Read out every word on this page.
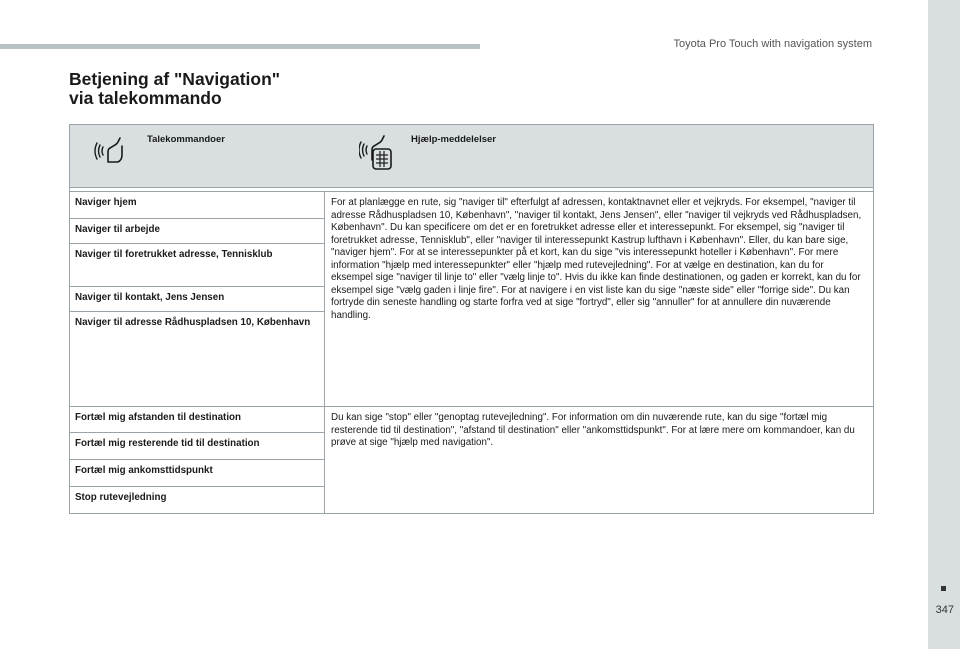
Toyota Pro Touch with navigation system
347
Betjening af "Navigation"
via talekommando
Talekommandoer	Hjælp-meddelelser
Naviger hjem
Naviger til arbejde
Naviger til foretrukket adresse, Tennisklub
Naviger til kontakt, Jens Jensen
Naviger til adresse Rådhuspladsen 10, København
For at planlægge en rute, sig "naviger til" efterfulgt af adressen, kontaktnavnet eller et vejkryds. For eksempel, "naviger til adresse Rådhuspladsen 10, København", "naviger til kontakt, Jens Jensen", eller "naviger til vejkryds ved Rådhuspladsen, København". Du kan specificere om det er en foretrukket adresse eller et interessepunkt. For eksempel, sig "naviger til foretrukket adresse, Tennisklub", eller "naviger til interessepunkt Kastrup lufthavn i København". Eller, du kan bare sige, "naviger hjem". For at se interessepunkter på et kort, kan du sige "vis interessepunkt hoteller i København". For mere information "hjælp med interessepunkter" eller "hjælp med rutevejledning". For at vælge en destination, kan du for eksempel sige "naviger til linje to" eller "vælg linje to". Hvis du ikke kan finde destinationen, og gaden er korrekt, kan du for eksempel sige "vælg gaden i linje fire". For at navigere i en vist liste kan du sige "næste side" eller "forrige side". Du kan fortryde din seneste handling og starte forfra ved at sige "fortryd", eller sig "annuller" for at annullere din nuværende handling.
Fortæl mig afstanden til destination
Fortæl mig resterende tid til destination
Fortæl mig ankomsttidspunkt
Stop rutevejledning
Du kan sige "stop" eller "genoptag rutevejledning". For information om din nuværende rute, kan du sige "fortæl mig resterende tid til destination", "afstand til destination" eller "ankomsttidspunkt". For at lære mere om kommandoer, kan du prøve at sige "hjælp med navigation".
